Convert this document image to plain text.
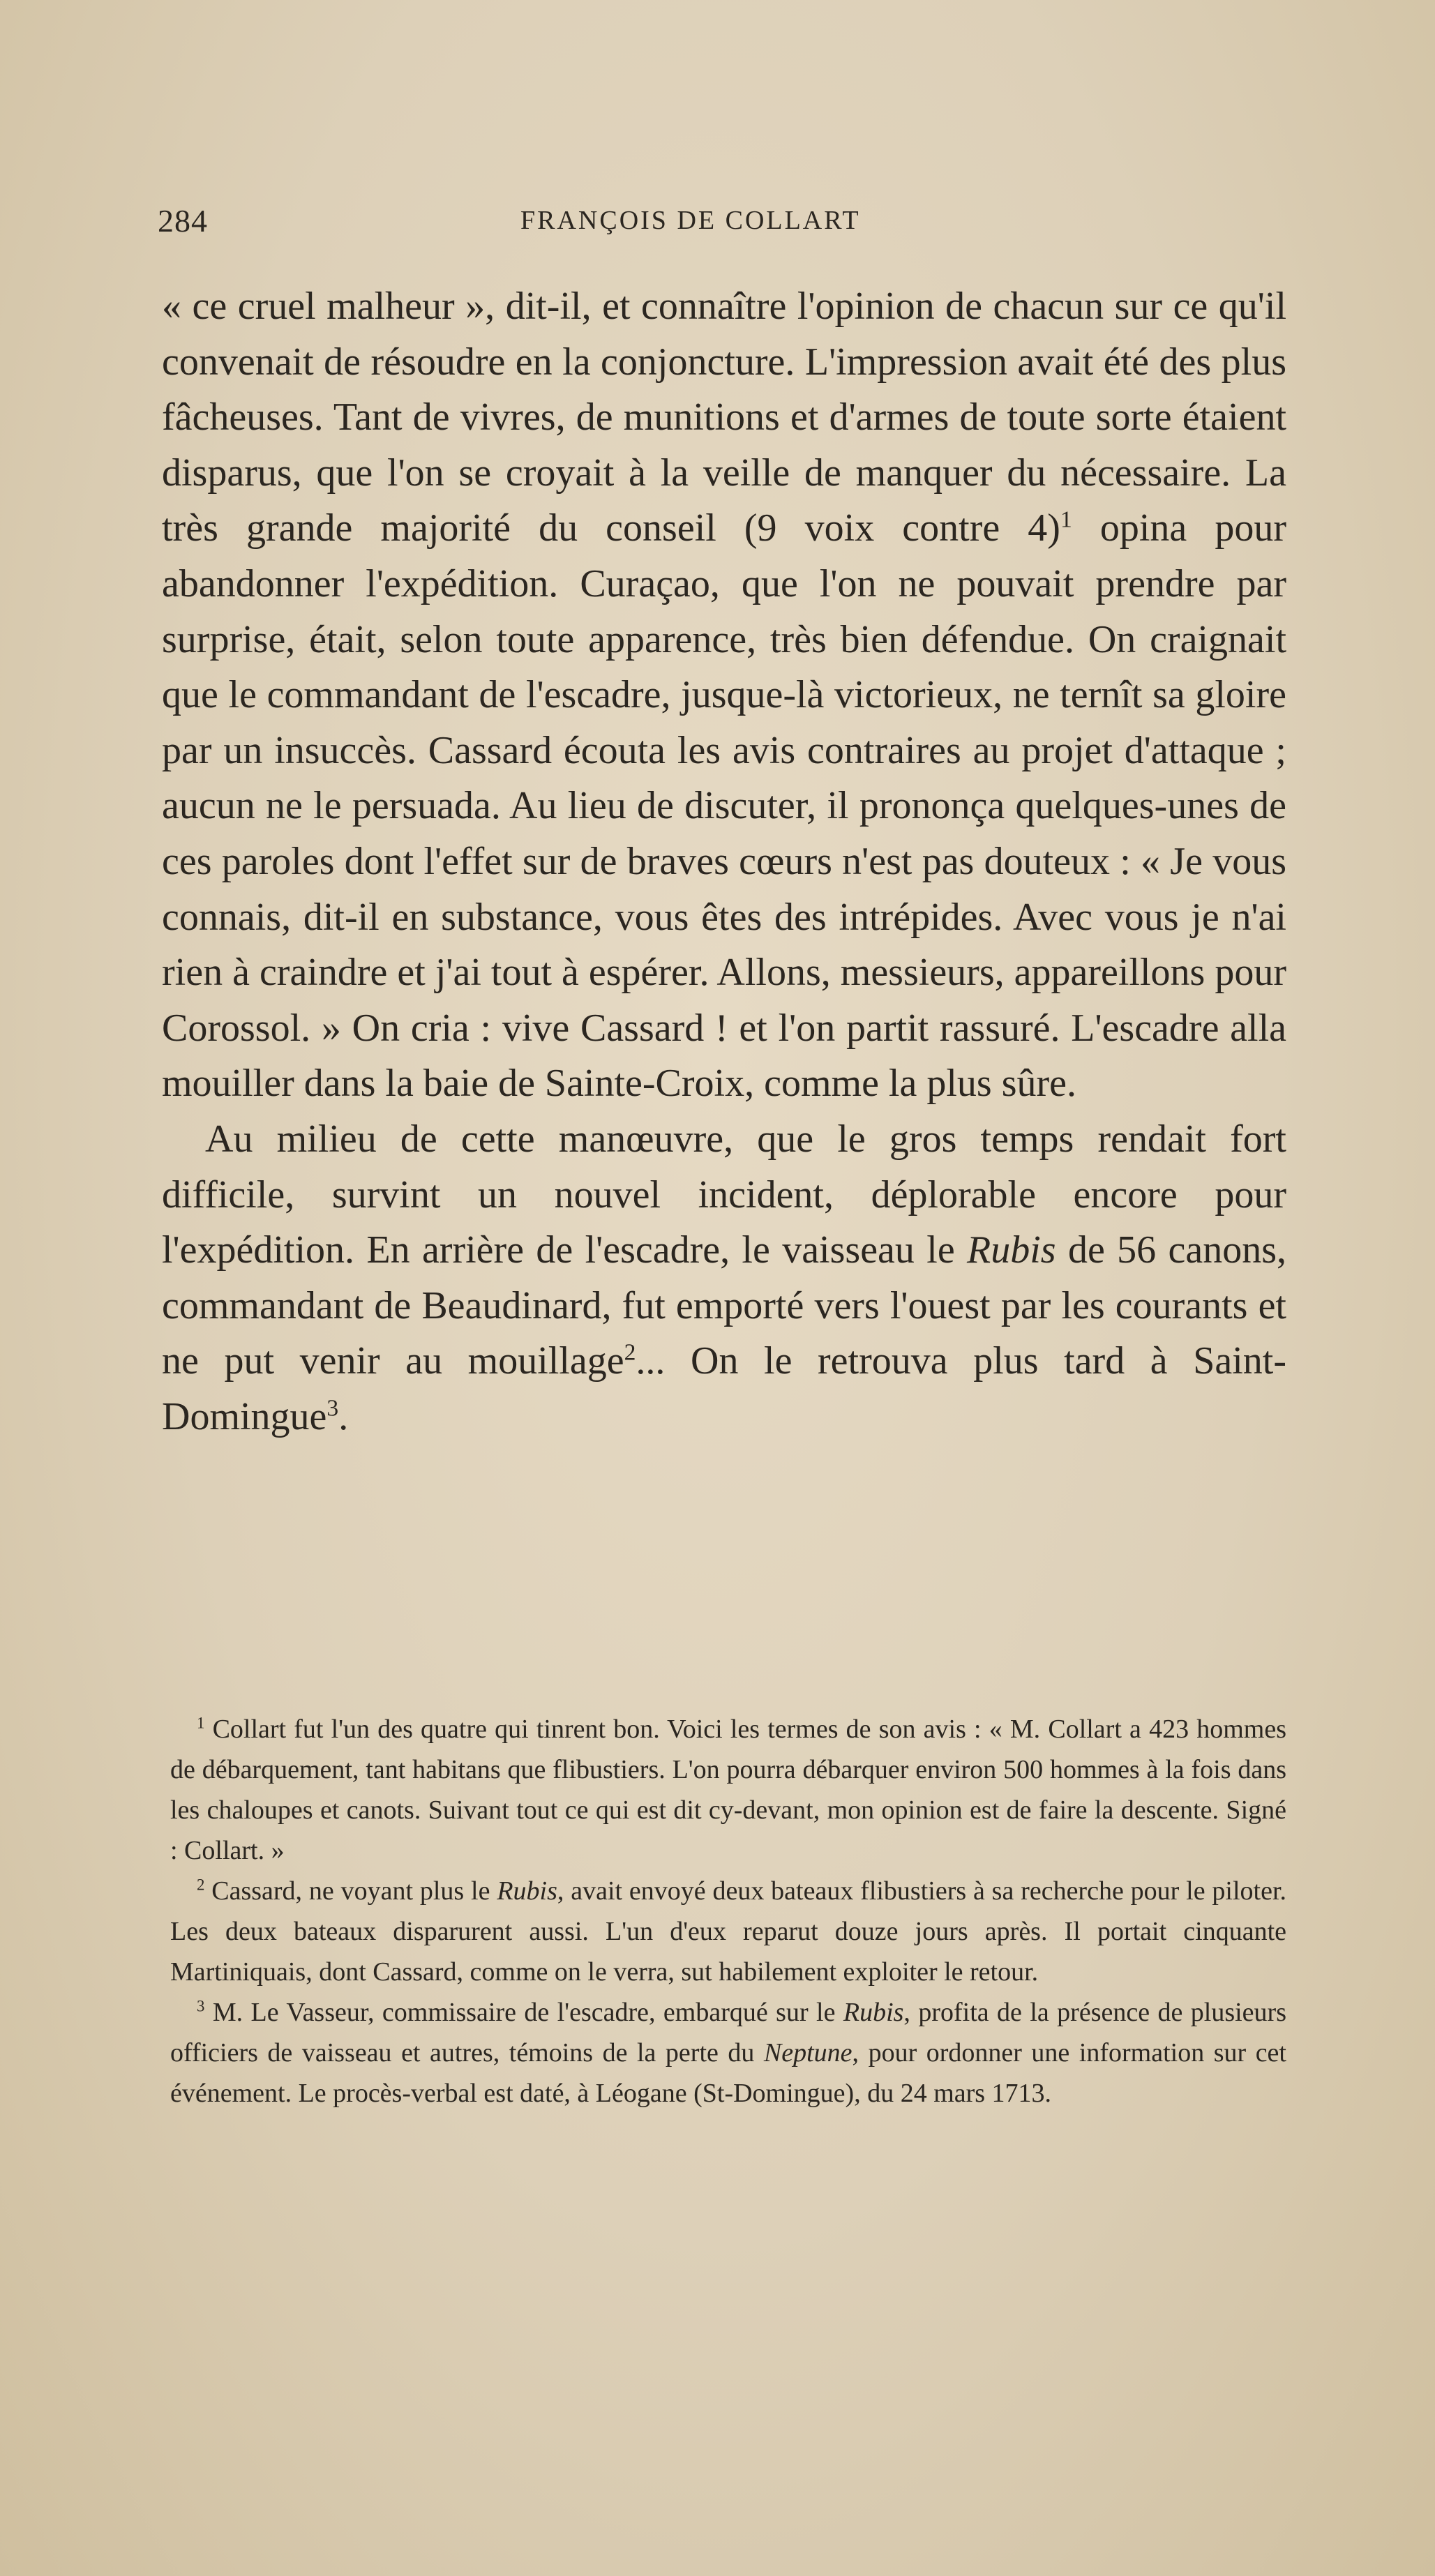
284	FRANÇOIS DE COLLART

« ce cruel malheur », dit-il, et connaître l'opinion de chacun sur ce qu'il convenait de résoudre en la conjoncture. L'impression avait été des plus fâcheuses. Tant de vivres, de munitions et d'armes de toute sorte étaient disparus, que l'on se croyait à la veille de manquer du nécessaire. La très grande majorité du conseil (9 voix contre 4)$^1$ opina pour abandonner l'expédition. Curaçao, que l'on ne pouvait prendre par surprise, était, selon toute apparence, très bien défendue. On craignait que le commandant de l'escadre, jusque-là victorieux, ne ternît sa gloire par un insuccès. Cassard écouta les avis contraires au projet d'attaque ; aucun ne le persuada. Au lieu de discuter, il prononça quelques-unes de ces paroles dont l'effet sur de braves cœurs n'est pas douteux : « Je vous connais, dit-il en substance, vous êtes des intrépides. Avec vous je n'ai rien à craindre et j'ai tout à espérer. Allons, messieurs, appareillons pour Corossol. » On cria : vive Cassard ! et l'on partit rassuré. L'escadre alla mouiller dans la baie de Sainte-Croix, comme la plus sûre.

Au milieu de cette manœuvre, que le gros temps rendait fort difficile, survint un nouvel incident, déplorable encore pour l'expédition. En arrière de l'escadre, le vaisseau le Rubis de 56 canons, commandant de Beaudinard, fut emporté vers l'ouest par les courants et ne put venir au mouillage$^2$... On le retrouva plus tard à Saint-Domingue$^3$.

$^1$ Collart fut l'un des quatre qui tinrent bon. Voici les termes de son avis : « M. Collart a 423 hommes de débarquement, tant habitans que flibustiers. L'on pourra débarquer environ 500 hommes à la fois dans les chaloupes et canots. Suivant tout ce qui est dit cy-devant, mon opinion est de faire la descente. Signé : Collart. »

$^2$ Cassard, ne voyant plus le Rubis, avait envoyé deux bateaux flibustiers à sa recherche pour le piloter. Les deux bateaux disparurent aussi. L'un d'eux reparut douze jours après. Il portait cinquante Martiniquais, dont Cassard, comme on le verra, sut habilement exploiter le retour.

$^3$ M. Le Vasseur, commissaire de l'escadre, embarqué sur le Rubis, profita de la présence de plusieurs officiers de vaisseau et autres, témoins de la perte du Neptune, pour ordonner une information sur cet événement. Le procès-verbal est daté, à Léogane (St-Domingue), du 24 mars 1713.
